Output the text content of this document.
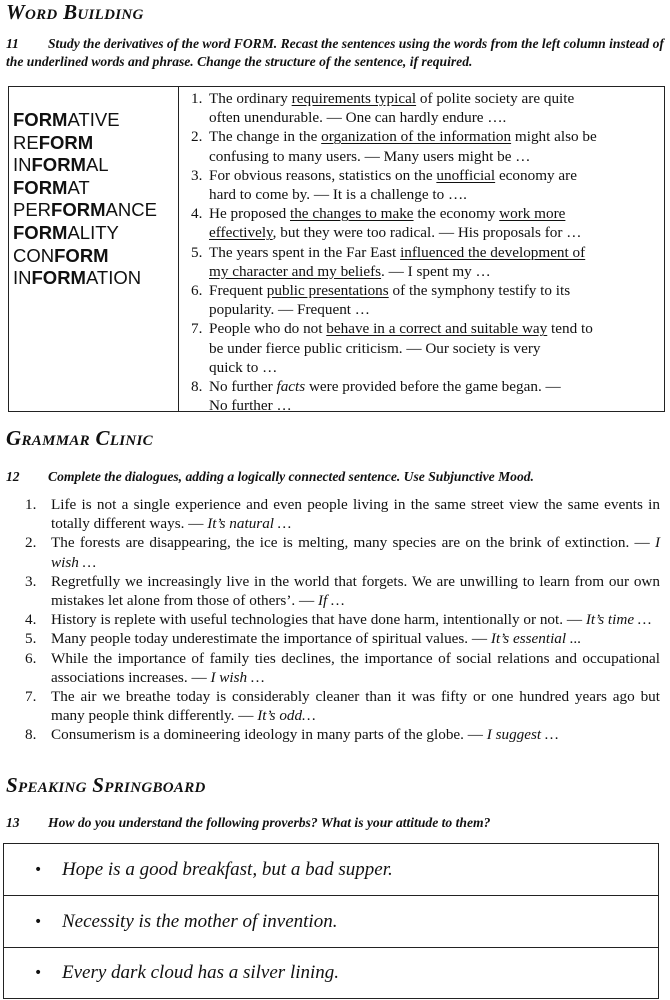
Word Building

11 Study the derivatives of the word FORM. Recast the sentences using the words from the left column instead of the underlined words and phrase. Change the structure of the sentence, if required.

FORMATIVE
REFORM
INFORMAL
FORMAT
PERFORMANCE
FORMALITY
CONFORM
INFORMATION
1. The ordinary requirements typical of polite society are quite
often unendurable. — One can hardly endure ….
2. The change in the organization of the information might also be
confusing to many users. — Many users might be …
3. For obvious reasons, statistics on the unofficial economy are
hard to come by. — It is a challenge to ….
4. He proposed the changes to make the economy work more
effectively, but they were too radical. — His proposals for …
5. The years spent in the Far East influenced the development of
my character and my beliefs. — I spent my …
6. Frequent public presentations of the symphony testify to its
popularity. — Frequent …
7. People who do not behave in a correct and suitable way tend to
be under fierce public criticism. — Our society is very
quick to …
8. No further facts were provided before the game began. —
No further …
Grammar Clinic

12 Complete the dialogues, adding a logically connected sentence. Use Subjunctive Mood.

1. Life is not a single experience and even people living in the same street view the same events in totally different ways. — It’s natural …
2. The forests are disappearing, the ice is melting, many species are on the brink of extinction. — I wish …
3. Regretfully we increasingly live in the world that forgets. We are unwilling to learn from our own mistakes let alone from those of others’. — If …
4. History is replete with useful technologies that have done harm, intentionally or not. — It’s time …
5. Many people today underestimate the importance of spiritual values. — It’s essential ...
6. While the importance of family ties declines, the importance of social relations and occupational associations increases. — I wish …
7. The air we breathe today is considerably cleaner than it was fifty or one hundred years ago but many people think differently. — It’s odd…
8. Consumerism is a domineering ideology in many parts of the globe. — I suggest …
Speaking Springboard

13 How do you understand the following proverbs? What is your attitude to them?

• Hope is a good breakfast, but a bad supper.
• Necessity is the mother of invention.
• Every dark cloud has a silver lining.
